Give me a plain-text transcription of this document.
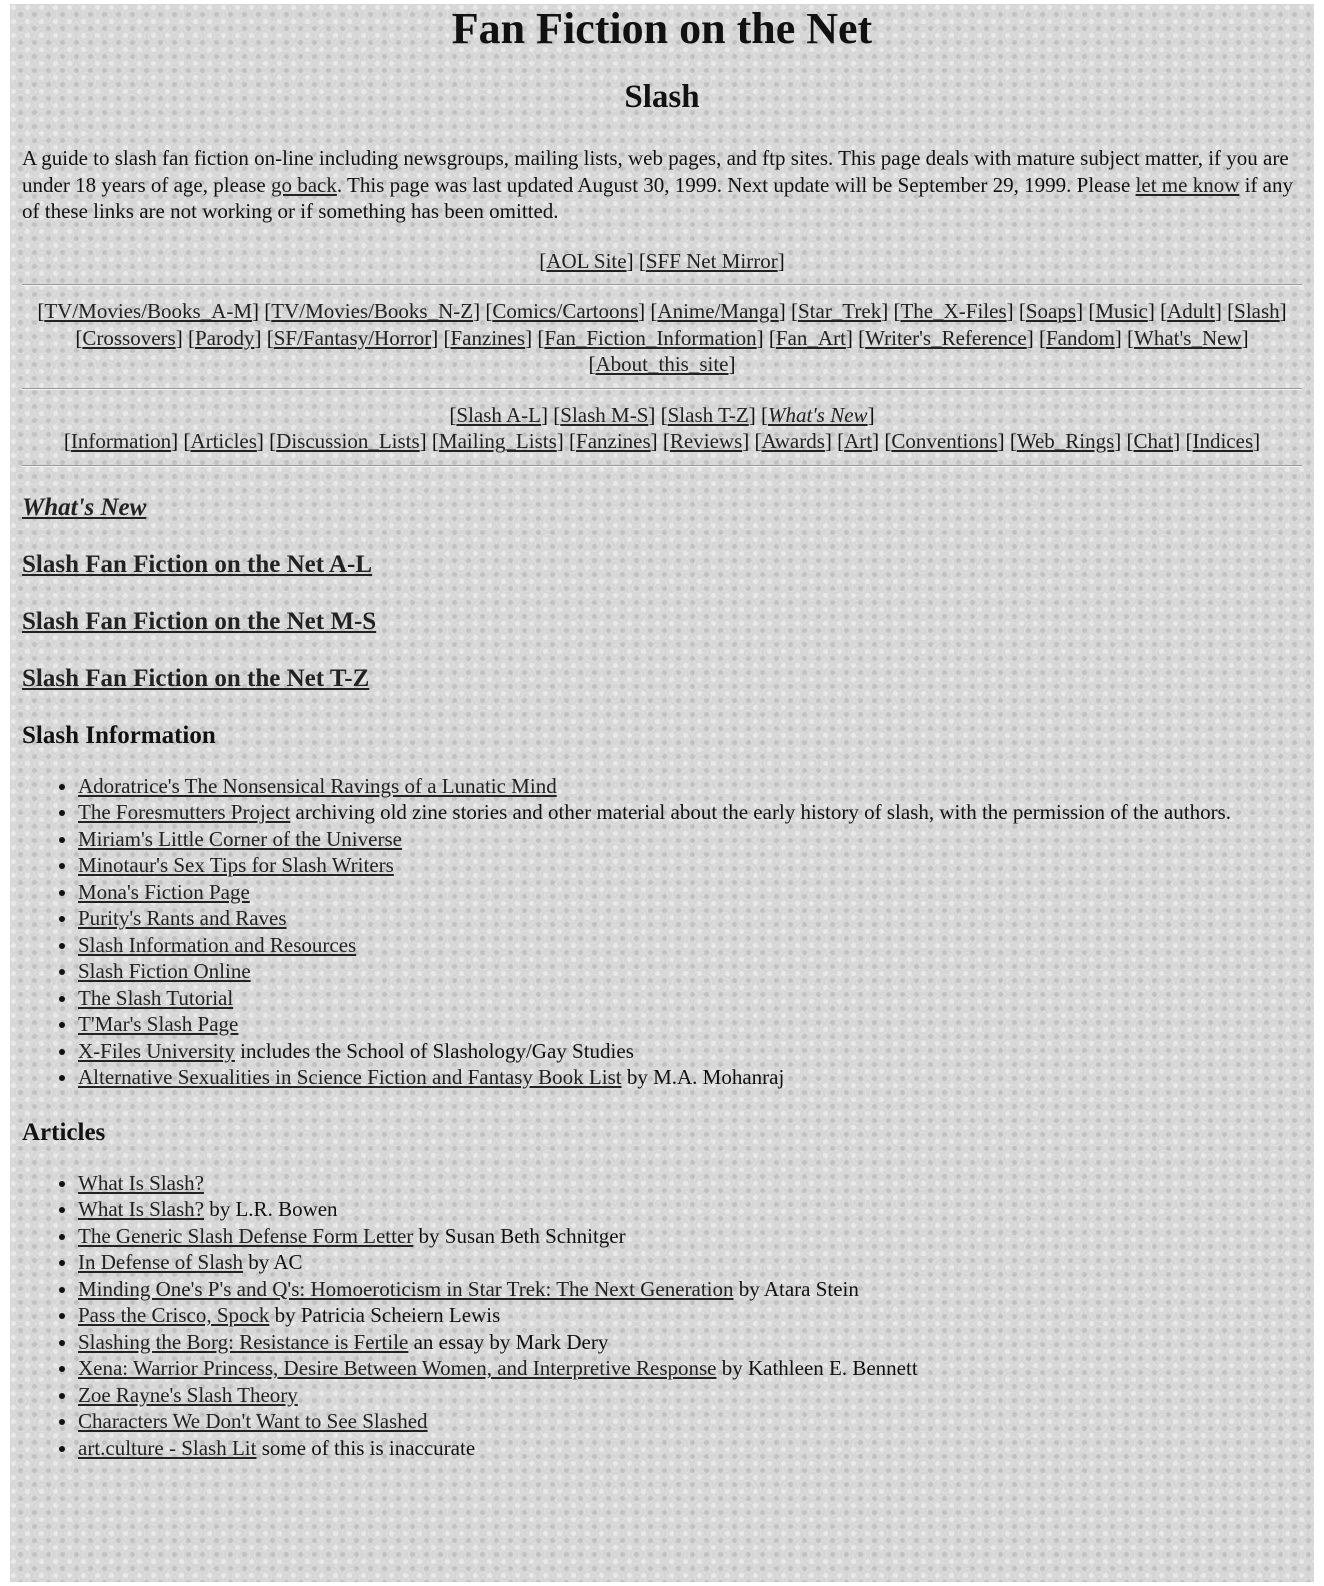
Fan Fiction on the Net
Slash

A guide to slash fan fiction on-line including newsgroups, mailing lists, web pages, and ftp sites. This page deals with mature subject matter, if you are under 18 years of age, please go back. This page was last updated August 30, 1999. Next update will be September 29, 1999. Please let me know if any of these links are not working or if something has been omitted.

[AOL Site] [SFF Net Mirror]
[TV/Movies/Books_A-M] [TV/Movies/Books_N-Z] [Comics/Cartoons] [Anime/Manga] [Star_Trek] [The_X-Files] [Soaps] [Music] [Adult] [Slash] [Crossovers] [Parody] [SF/Fantasy/Horror] [Fanzines] [Fan_Fiction_Information] [Fan_Art] [Writer's_Reference] [Fandom] [What's_New] [About_this_site]
[Slash A-L] [Slash M-S] [Slash T-Z] [What's New]
[Information] [Articles] [Discussion_Lists] [Mailing_Lists] [Fanzines] [Reviews] [Awards] [Art] [Conventions] [Web_Rings] [Chat] [Indices]
What's New
Slash Fan Fiction on the Net A-L
Slash Fan Fiction on the Net M-S
Slash Fan Fiction on the Net T-Z
Slash Information
• Adoratrice's The Nonsensical Ravings of a Lunatic Mind
• The Foresmutters Project archiving old zine stories and other material about the early history of slash, with the permission of the authors.
• Miriam's Little Corner of the Universe
• Minotaur's Sex Tips for Slash Writers
• Mona's Fiction Page
• Purity's Rants and Raves
• Slash Information and Resources
• Slash Fiction Online
• The Slash Tutorial
• T'Mar's Slash Page
• X-Files University includes the School of Slashology/Gay Studies
• Alternative Sexualities in Science Fiction and Fantasy Book List by M.A. Mohanraj
Articles
• What Is Slash?
• What Is Slash? by L.R. Bowen
• The Generic Slash Defense Form Letter by Susan Beth Schnitger
• In Defense of Slash by AC
• Minding One's P's and Q's: Homoeroticism in Star Trek: The Next Generation by Atara Stein
• Pass the Crisco, Spock by Patricia Scheiern Lewis
• Slashing the Borg: Resistance is Fertile an essay by Mark Dery
• Xena: Warrior Princess, Desire Between Women, and Interpretive Response by Kathleen E. Bennett
• Zoe Rayne's Slash Theory
• Characters We Don't Want to See Slashed
• art.culture - Slash Lit some of this is inaccurate
